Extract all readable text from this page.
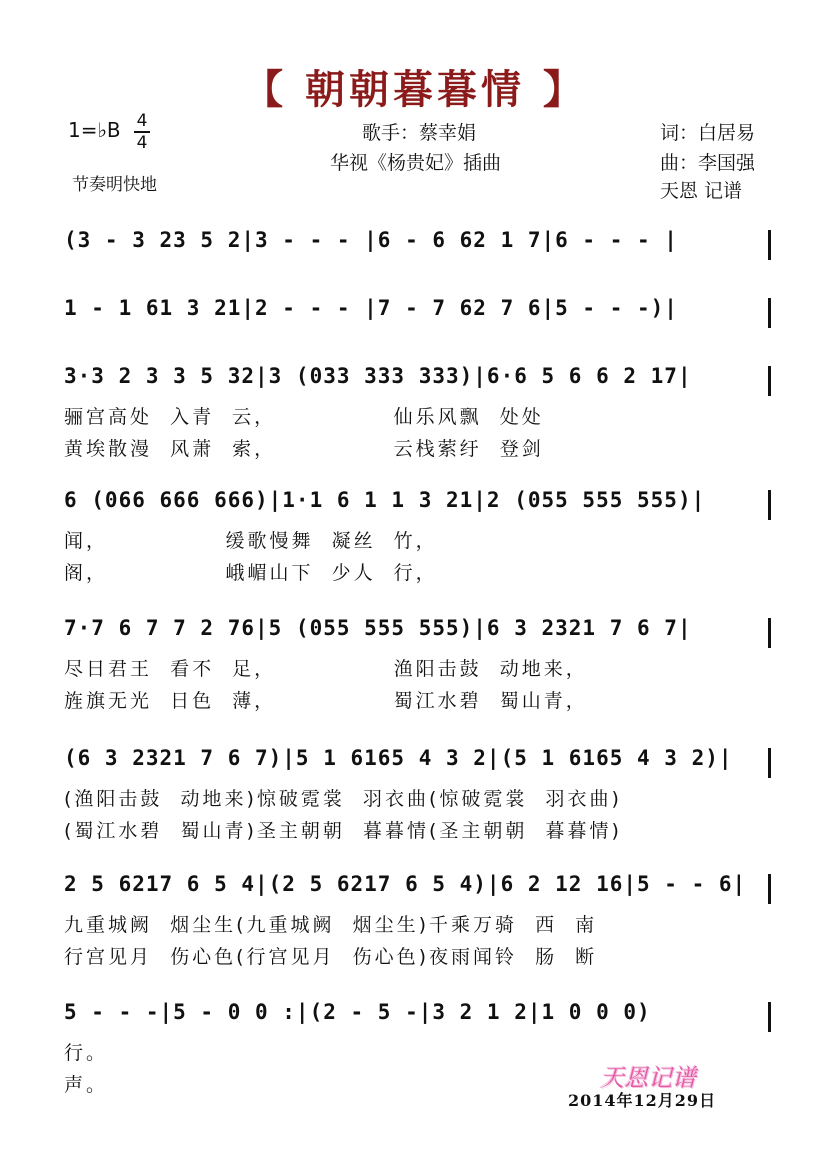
【 朝朝暮暮情 】
1=♭B 4
4
节奏明快地
歌手：蔡幸娟
华视《杨贵妃》插曲
词：白居易
曲：李国强
天恩 记谱
(3 - 3 23 5 2|3 - - - |6 - 6 62 1 7|6 - - - |
1 - 1 61 3 21|2 - - - |7 - 7 62 7 6|5 - - -)|
3·3 2 3 3 5 32|3 (033 333 333)|6·6 5 6 6 2 17|
骊宫高处  入青  云，             仙乐风飘  处处
黄埃散漫  风萧  索，             云栈萦纡  登剑
6 (066 666 666)|1·1 6 1 1 3 21|2 (055 555 555)|
闻，             缓歌慢舞  凝丝  竹，
阁，             峨嵋山下  少人  行，
7·7 6 7 7 2 76|5 (055 555 555)|6 3 2321 7 6 7|
尽日君王  看不  足，             渔阳击鼓  动地来，
旌旗无光  日色  薄，             蜀江水碧  蜀山青，
(6 3 2321 7 6 7)|5 1 6165 4 3 2|(5 1 6165 4 3 2)|
(渔阳击鼓  动地来)惊破霓裳  羽衣曲(惊破霓裳  羽衣曲)
(蜀江水碧  蜀山青)圣主朝朝  暮暮情(圣主朝朝  暮暮情)
2 5 6217 6 5 4|(2 5 6217 6 5 4)|6 2 12 16|5 - - 6|
九重城阙  烟尘生(九重城阙  烟尘生)千乘万骑  西  南
行宫见月  伤心色(行宫见月  伤心色)夜雨闻铃  肠  断
5 - - -|5 - 0 0 :|(2 - 5 -|3 2 1 2|1 0 0 0)
行。
声。	天恩记谱
2014年12月29日
